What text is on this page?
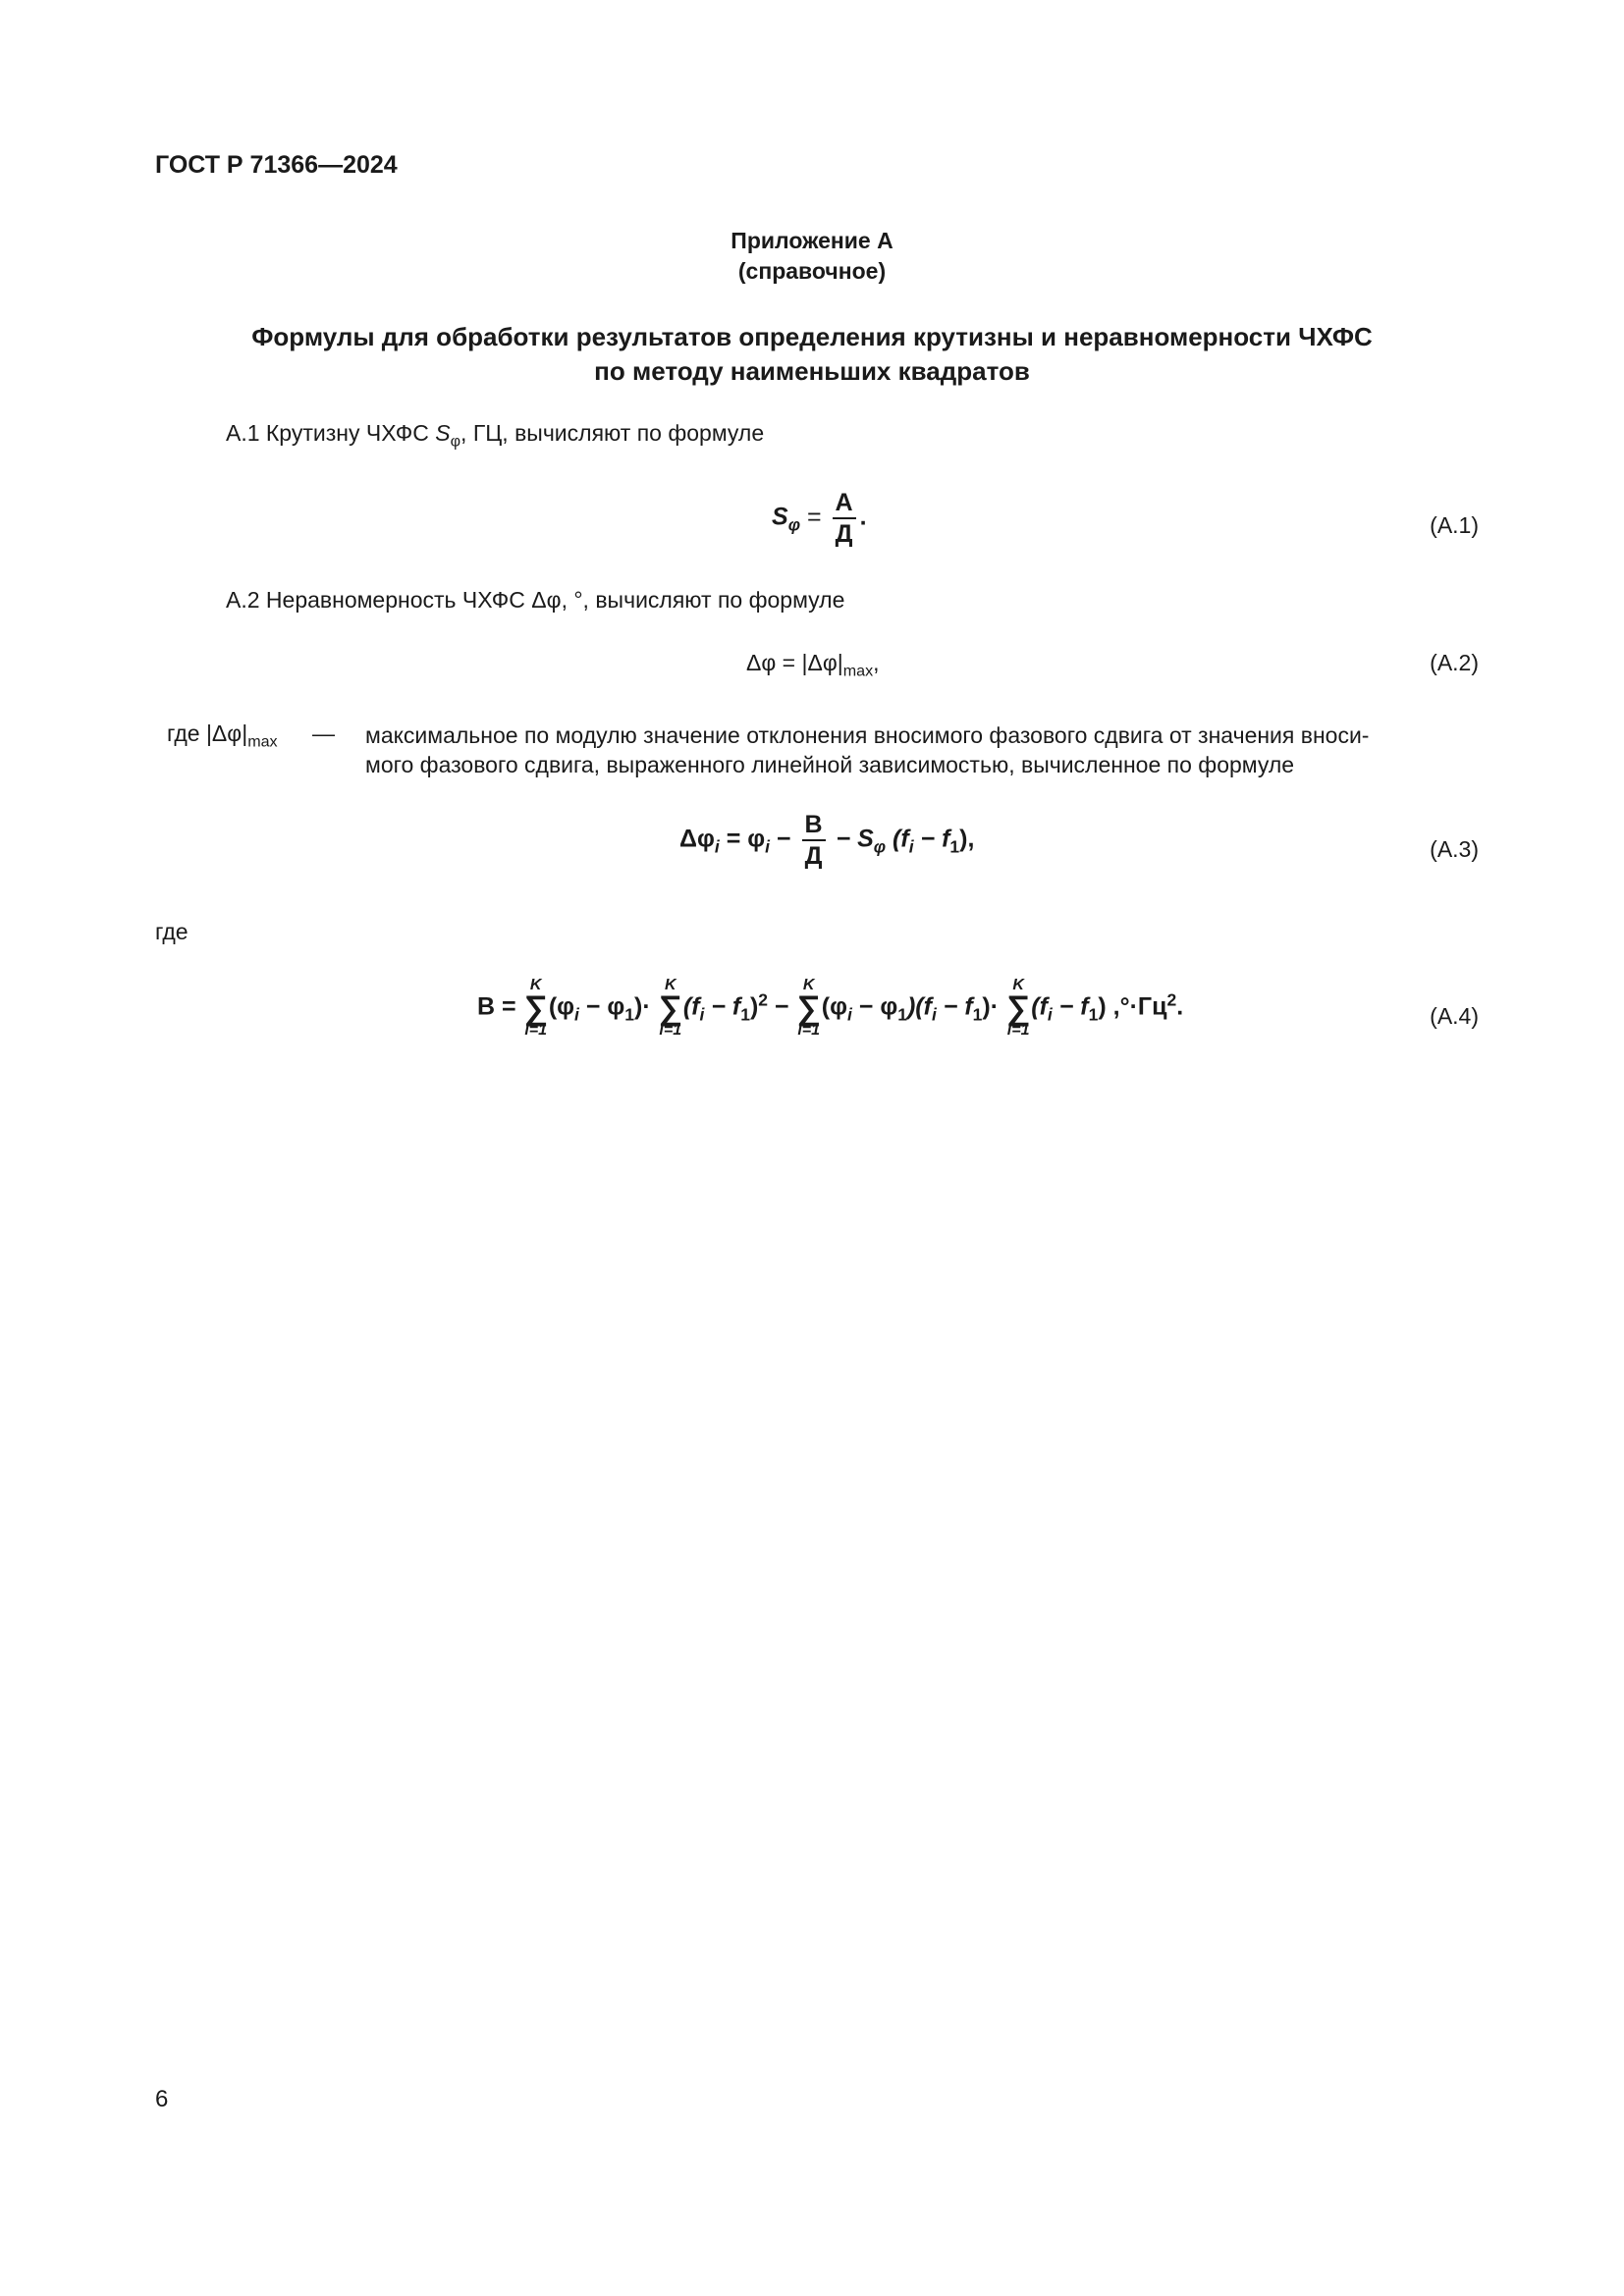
ГОСТ Р 71366—2024
Приложение А
(справочное)
Формулы для обработки результатов определения крутизны и неравномерности ЧХФС
по методу наименьших квадратов
А.1 Крутизну ЧХФС $S_\varphi$, ГЦ, вычисляют по формуле
$S_\varphi = \frac{А}{Д}$ .	(А.1)
А.2 Неравномерность ЧХФС Δφ, °, вычисляют по формуле
$\Delta\varphi = |\Delta\varphi|_{max}$,	(А.2)
где $|\Delta\varphi|_{max}$ — максимальное по модулю значение отклонения вносимого фазового сдвига от значения вноси-
мого фазового сдвига, выраженного линейной зависимостью, вычисленное по формуле
$\Delta\varphi_i = \varphi_i - \frac{В}{Д} - S_\varphi$ $(f_i - f_1)$,	(А.3)
где
В =
K
∑
i=1
$(\varphi_i - \varphi_1)\cdot$
K
∑
i=1
$(f_i - f_1)^2$ −
K
∑
i=1
$(\varphi_i - \varphi_1)(f_i - f_1)\cdot$
K
∑
i=1
$(f_i - f_1)$ $,^\circ\cdot Гц^2$.	(А.4)
6
